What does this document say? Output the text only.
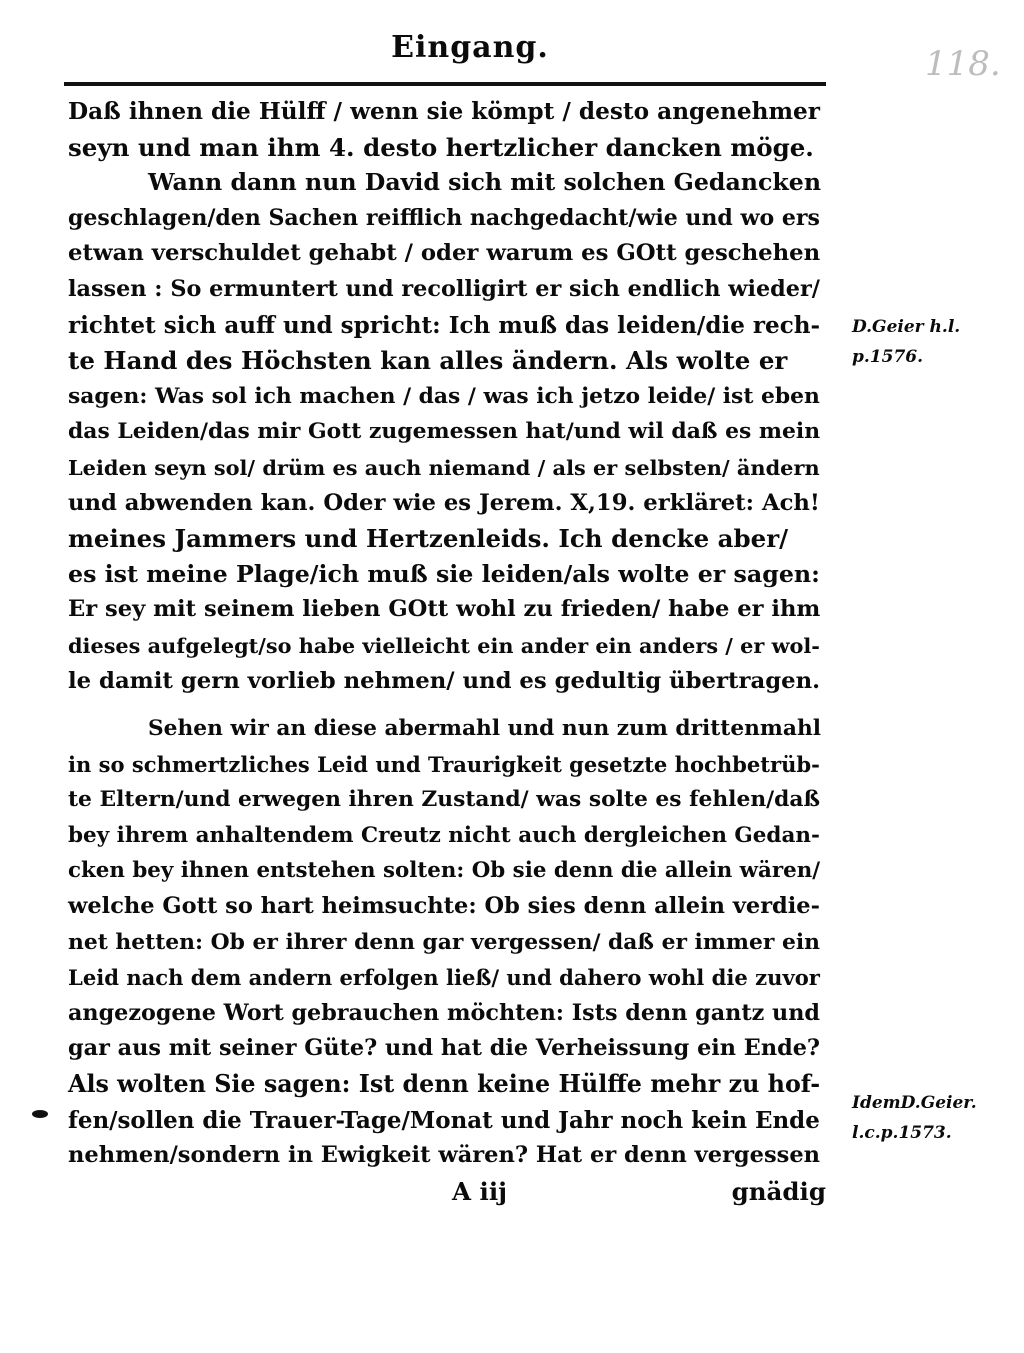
Eingang.	118.
Daß ihnen die Hülff / wenn sie kömpt / desto angenehmer
seyn und man ihm 4. desto hertzlicher dancken möge.
Wann dann nun David sich mit solchen Gedancken
geschlagen/den Sachen reifflich nachgedacht/wie und wo ers
etwan verschuldet gehabt / oder warum es GOtt geschehen
lassen : So ermuntert und recolligirt er sich endlich wieder/
richtet sich auff und spricht: Ich muß das leiden/die rech-
te Hand des Höchsten kan alles ändern. Als wolte er
sagen: Was sol ich machen / das / was ich jetzo leide/ ist eben
das Leiden/das mir Gott zugemessen hat/und wil daß es mein
Leiden seyn sol/ drüm es auch niemand / als er selbsten/ ändern
und abwenden kan. Oder wie es Jerem. X,19. erkläret: Ach!
meines Jammers und Hertzenleids. Ich dencke aber/
es ist meine Plage/ich muß sie leiden/als wolte er sagen:
Er sey mit seinem lieben GOtt wohl zu frieden/ habe er ihm
dieses aufgelegt/so habe vielleicht ein ander ein anders / er wol-
le damit gern vorlieb nehmen/ und es gedultig übertragen.
Sehen wir an diese abermahl und nun zum drittenmahl
in so schmertzliches Leid und Traurigkeit gesetzte hochbetrüb-
te Eltern/und erwegen ihren Zustand/ was solte es fehlen/daß
bey ihrem anhaltendem Creutz nicht auch dergleichen Gedan-
cken bey ihnen entstehen solten: Ob sie denn die allein wären/
welche Gott so hart heimsuchte: Ob sies denn allein verdie-
net hetten: Ob er ihrer denn gar vergessen/ daß er immer ein
Leid nach dem andern erfolgen ließ/ und dahero wohl die zuvor
angezogene Wort gebrauchen möchten: Ists denn gantz und
gar aus mit seiner Güte? und hat die Verheissung ein Ende?
Als wolten Sie sagen: Ist denn keine Hülffe mehr zu hof-
fen/sollen die Trauer-Tage/Monat und Jahr noch kein Ende
nehmen/sondern in Ewigkeit wären? Hat er denn vergessen
A iij	gnädig
D.Geier h.l.
p.1576.
IdemD.Geier.
l.c.p.1573.
